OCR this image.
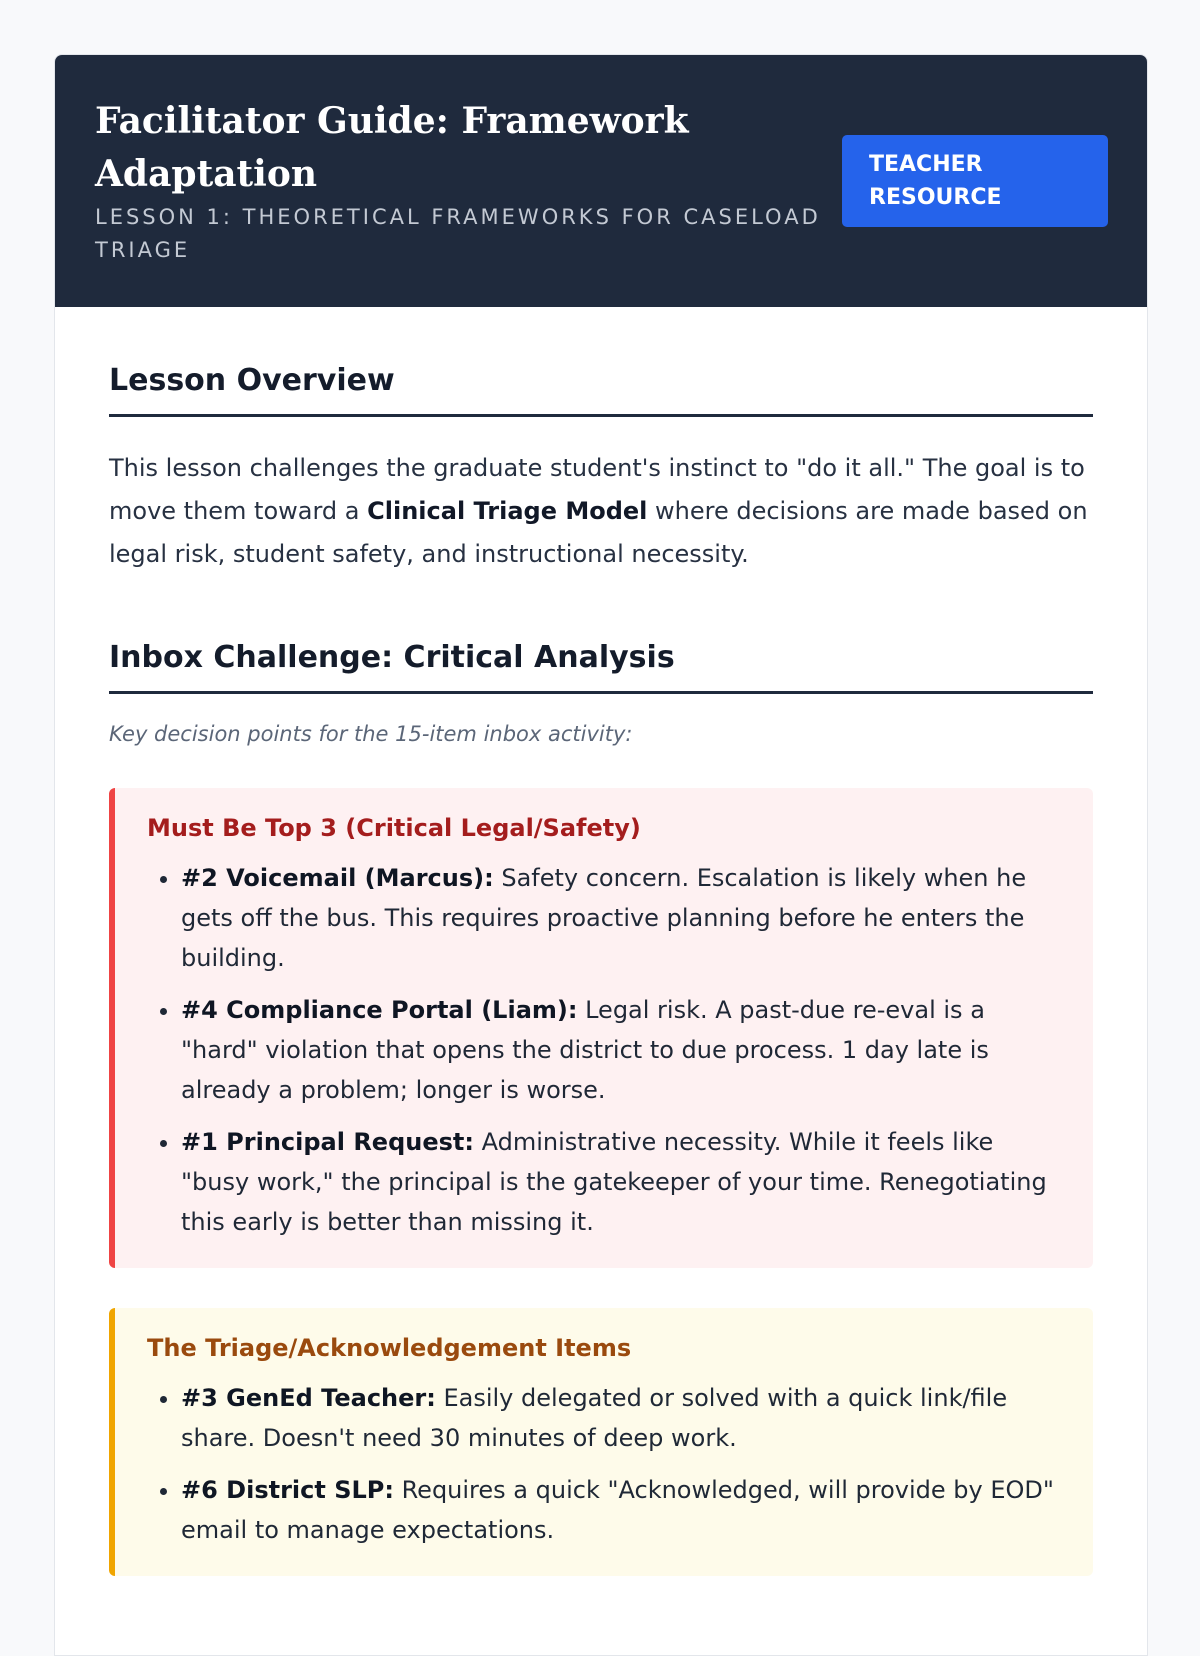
Facilitator Guide: Framework Adaptation
LESSON 1: THEORETICAL FRAMEWORKS FOR CASELOAD TRIAGE
TEACHER RESOURCE
Lesson Overview

This lesson challenges the graduate student's instinct to "do it all." The goal is to move them toward a Clinical Triage Model where decisions are made based on legal risk, student safety, and instructional necessity.

Inbox Challenge: Critical Analysis

Key decision points for the 15-item inbox activity:

Must Be Top 3 (Critical Legal/Safety)
• #2 Voicemail (Marcus): Safety concern. Escalation is likely when he gets off the bus. This requires proactive planning before he enters the building.
• #4 Compliance Portal (Liam): Legal risk. A past-due re-eval is a "hard" violation that opens the district to due process. 1 day late is already a problem; longer is worse.
• #1 Principal Request: Administrative necessity. While it feels like "busy work," the principal is the gatekeeper of your time. Renegotiating this early is better than missing it.
The Triage/Acknowledgement Items
• #3 GenEd Teacher: Easily delegated or solved with a quick link/file share. Doesn't need 30 minutes of deep work.
• #6 District SLP: Requires a quick "Acknowledged, will provide by EOD" email to manage expectations.
